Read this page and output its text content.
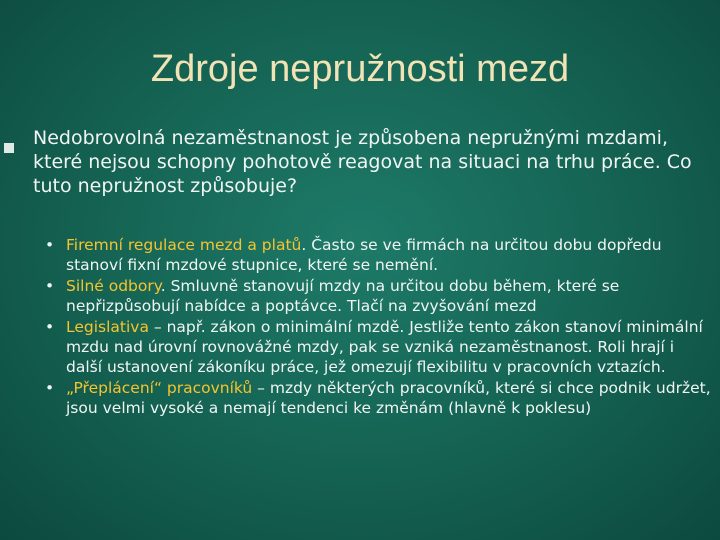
Zdroje nepružnosti mezd

Nedobrovolná nezaměstnanost je způsobena nepružnými mzdami, které nejsou schopny pohotově reagovat na situaci na trhu práce. Co tuto nepružnost způsobuje?

• Firemní regulace mezd a platů. Často se ve firmách na určitou dobu dopředu stanoví fixní mzdové stupnice, které se nemění.
• Silné odbory. Smluvně stanovují mzdy na určitou dobu během, které se nepřizpůsobují nabídce a poptávce. Tlačí na zvyšování mezd
• Legislativa – např. zákon o minimální mzdě. Jestliže tento zákon stanoví minimální mzdu nad úrovní rovnovážné mzdy, pak se vzniká nezaměstnanost. Roli hrají i další ustanovení zákoníku práce, jež omezují flexibilitu v pracovních vztazích.
• „Přeplácení“ pracovníků – mzdy některých pracovníků, které si chce podnik udržet, jsou velmi vysoké a nemají tendenci ke změnám (hlavně k poklesu)
